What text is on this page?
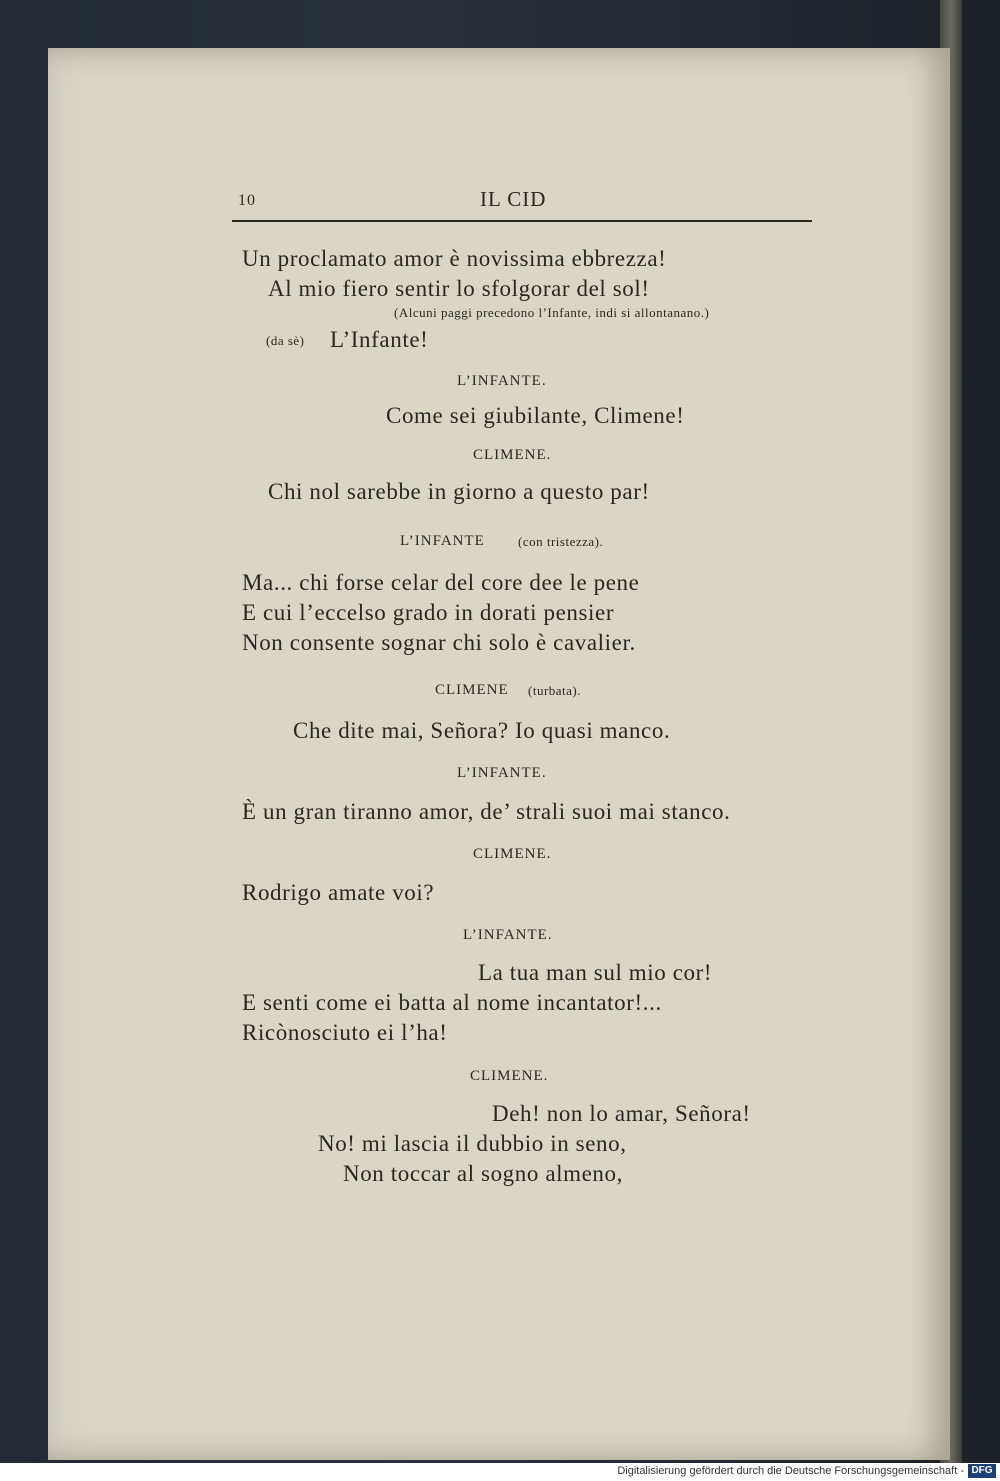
10	IL CID
Un proclamato amor è novissima ebbrezza!
Al mio fiero sentir lo sfolgorar del sol!
(Alcuni paggi precedono l’Infante, indi si allontanano.)
(da sè) L’Infante!
L’INFANTE.
Come sei giubilante, Climene!
CLIMENE.
Chi nol sarebbe in giorno a questo par!
L’INFANTE	(con tristezza).
Ma... chi forse celar del core dee le pene
E cui l’eccelso grado in dorati pensier
Non consente sognar chi solo è cavalier.
CLIMENE (turbata).
Che dite mai, Señora? Io quasi manco.
L’INFANTE.
È un gran tiranno amor, de’ strali suoi mai stanco.
CLIMENE.
Rodrigo amate voi?
L’INFANTE.
La tua man sul mio cor!
E senti come ei batta al nome incantator!...
Ricònosciuto ei l’ha!
CLIMENE.
Deh! non lo amar, Señora!
No! mi lascia il dubbio in seno,
Non toccar al sogno almeno,
Digitalisierung gefördert durch die Deutsche Forschungsgemeinschaft - DFG
